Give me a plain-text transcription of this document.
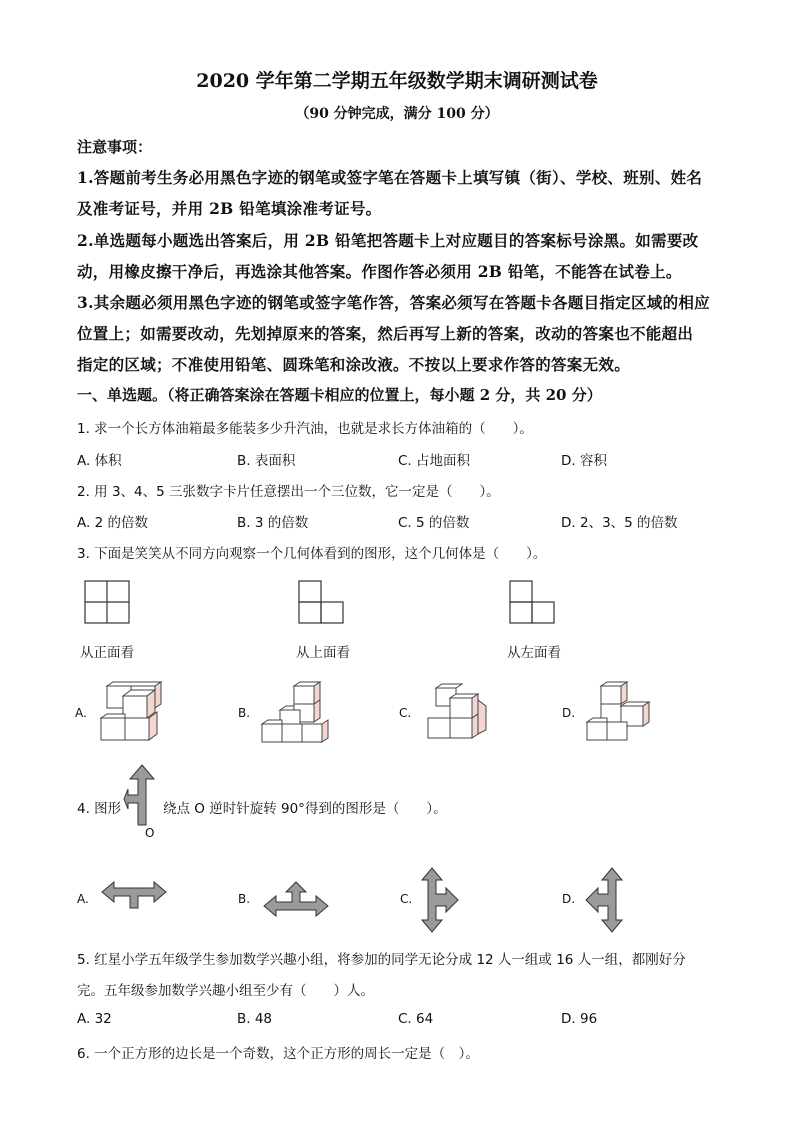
2020 学年第二学期五年级数学期末调研测试卷
（90 分钟完成，满分 100 分）
注意事项：
1.答题前考生务必用黑色字迹的钢笔或签字笔在答题卡上填写镇（街）、学校、班别、姓名
及准考证号，并用 2B 铅笔填涂准考证号。
2.单选题每小题选出答案后，用 2B 铅笔把答题卡上对应题目的答案标号涂黑。如需要改
动，用橡皮擦干净后，再选涂其他答案。作图作答必须用 2B 铅笔，不能答在试卷上。
3.其余题必须用黑色字迹的钢笔或签字笔作答，答案必须写在答题卡各题目指定区域的相应
位置上；如需要改动，先划掉原来的答案，然后再写上新的答案，改动的答案也不能超出
指定的区域；不准使用铅笔、圆珠笔和涂改液。不按以上要求作答的答案无效。
一、单选题。（将正确答案涂在答题卡相应的位置上，每小题 2 分，共 20 分）
1. 求一个长方体油箱最多能装多少升汽油，也就是求长方体油箱的（　　）。
A. 体积	B. 表面积	C. 占地面积	D. 容积
2. 用 3、4、5 三张数字卡片任意摆出一个三位数，它一定是（　　）。
A. 2 的倍数	B. 3 的倍数	C. 5 的倍数	D. 2、3、5 的倍数
3. 下面是笑笑从不同方向观察一个几何体看到的图形，这个几何体是（　　）。
从正面看	从上面看	从左面看
A.	B.	C.	D.
4. 图形
O
绕点 O 逆时针旋转 90°得到的图形是（　　）。
A.	B.	C.	D.
5. 红星小学五年级学生参加数学兴趣小组，将参加的同学无论分成 12 人一组或 16 人一组，都刚好分
完。五年级参加数学兴趣小组至少有（　　）人。
A. 32	B. 48	C. 64	D. 96
6. 一个正方形的边长是一个奇数，这个正方形的周长一定是（　）。
